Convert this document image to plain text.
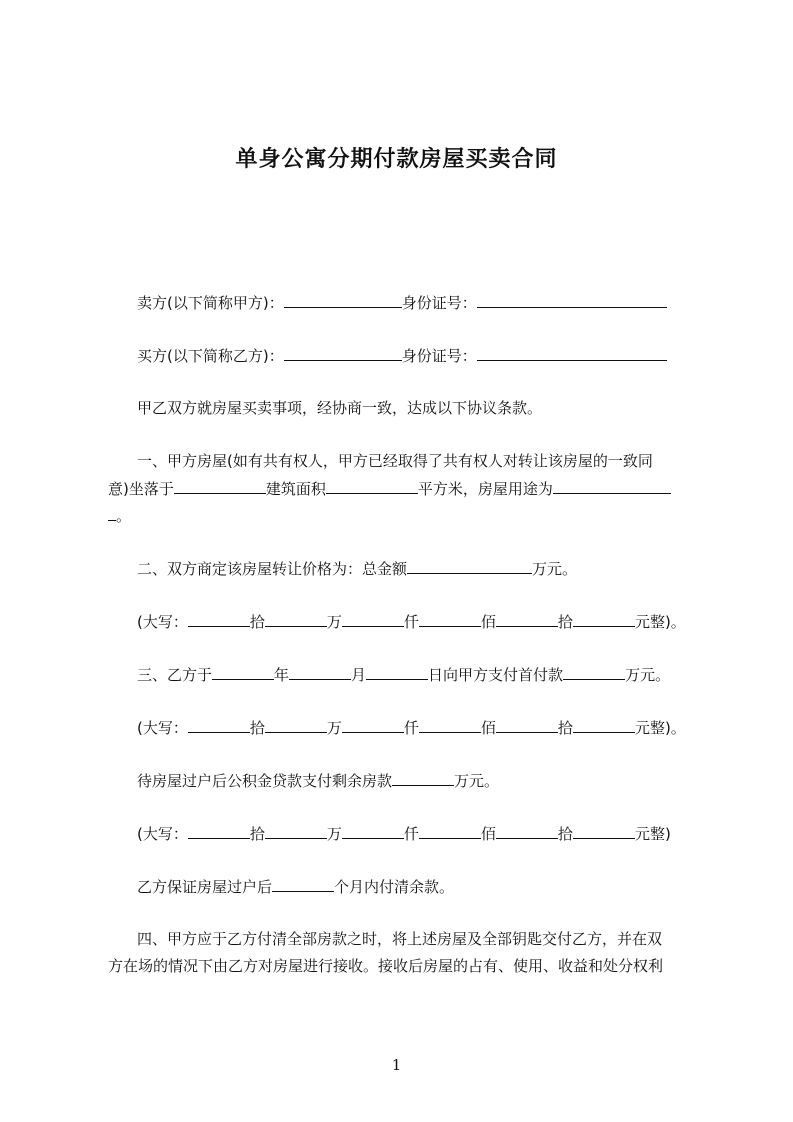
单身公寓分期付款房屋买卖合同
卖方(以下简称甲方)：	身份证号：
买方(以下简称乙方)：	身份证号：
甲乙双方就房屋买卖事项，经协商一致，达成以下协议条款。
一、甲方房屋(如有共有权人，甲方已经取得了共有权人对转让该房屋的一致同
意)坐落于	建筑面积	平方米，房屋用途为
。
二、双方商定该房屋转让价格为：总金额	万元。
(大写：	拾	万	仟	佰	拾	元整)。
三、乙方于	年	月	日向甲方支付首付款	万元。
(大写：	拾	万	仟	佰	拾	元整)。
待房屋过户后公积金贷款支付剩余房款	万元。
(大写：	拾	万	仟	佰	拾	元整)
乙方保证房屋过户后	个月内付清余款。
四、甲方应于乙方付清全部房款之时，将上述房屋及全部钥匙交付乙方，并在双
方在场的情况下由乙方对房屋进行接收。接收后房屋的占有、使用、收益和处分权利
1
